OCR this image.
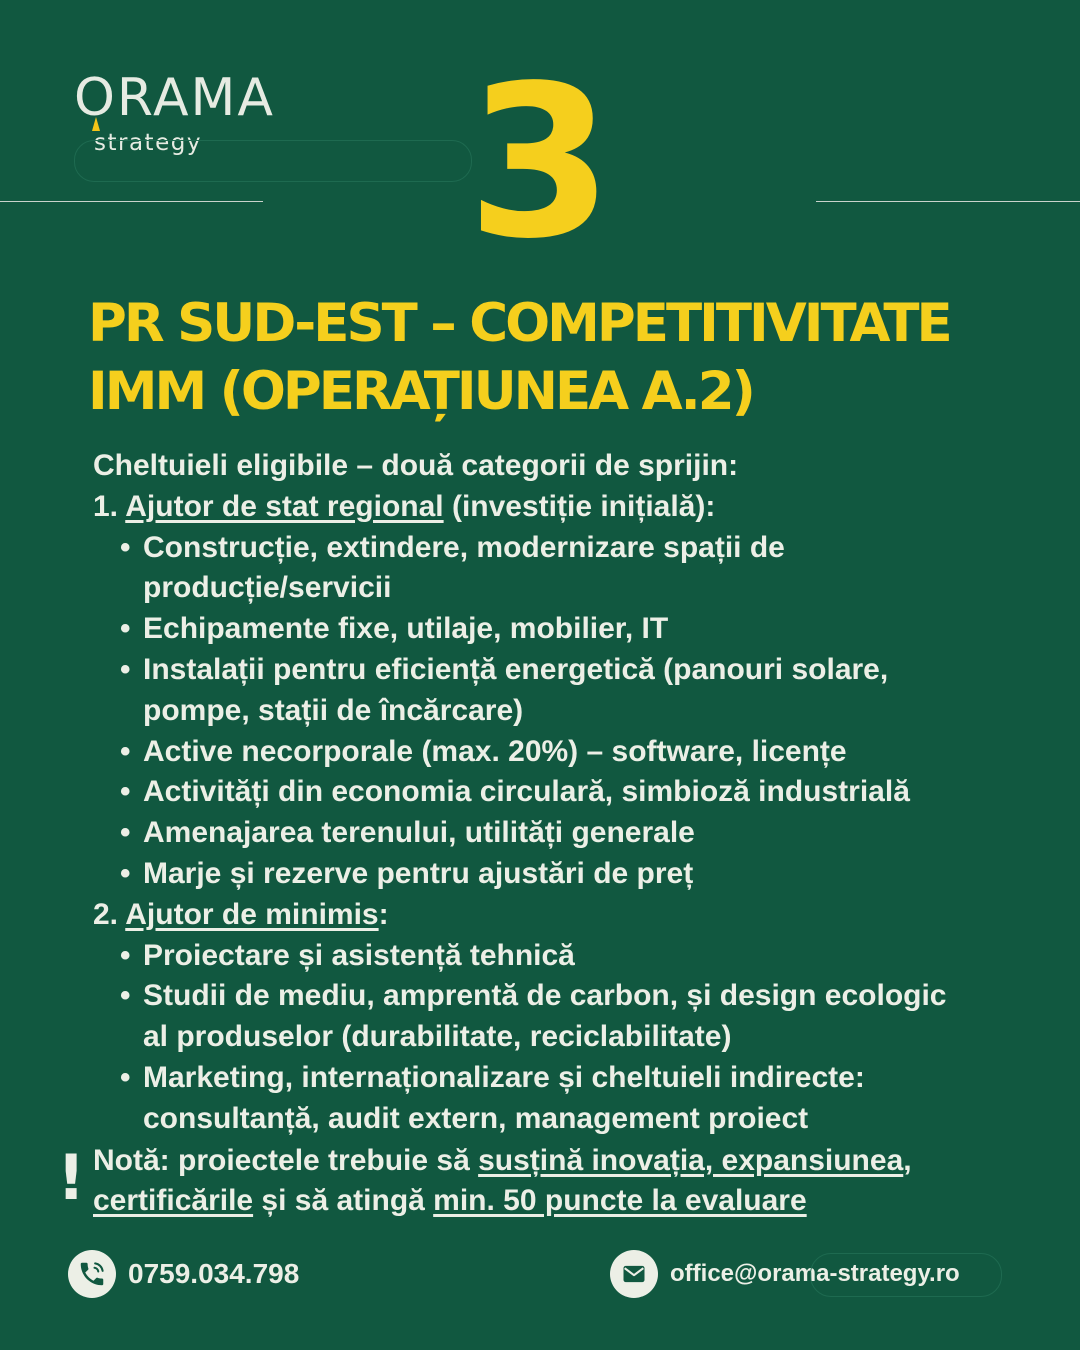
ORAMA
strategy	3
PR SUD-EST – COMPETITIVITATE IMM (OPERAȚIUNEA A.2)

Cheltuieli eligibile – două categorii de sprijin:

1. Ajutor de stat regional (investiție inițială):

• Construcție, extindere, modernizare spații de
producție/servicii
• Echipamente fixe, utilaje, mobilier, IT
• Instalații pentru eficiență energetică (panouri solare,
pompe, stații de încărcare)
• Active necorporale (max. 20%) – software, licențe
• Activități din economia circulară, simbioză industrială
• Amenajarea terenului, utilități generale
• Marje și rezerve pentru ajustări de preț

2. Ajutor de minimis:

• Proiectare și asistență tehnică
• Studii de mediu, amprentă de carbon, și design ecologic
al produselor (durabilitate, reciclabilitate)
• Marketing, internaționalizare și cheltuieli indirecte:
consultanță, audit extern, management proiect
! Notă: proiectele trebuie să susțină inovația, expansiunea,

certificările și să atingă min. 50 puncte la evaluare

0759.034.798	office@orama-strategy.ro
